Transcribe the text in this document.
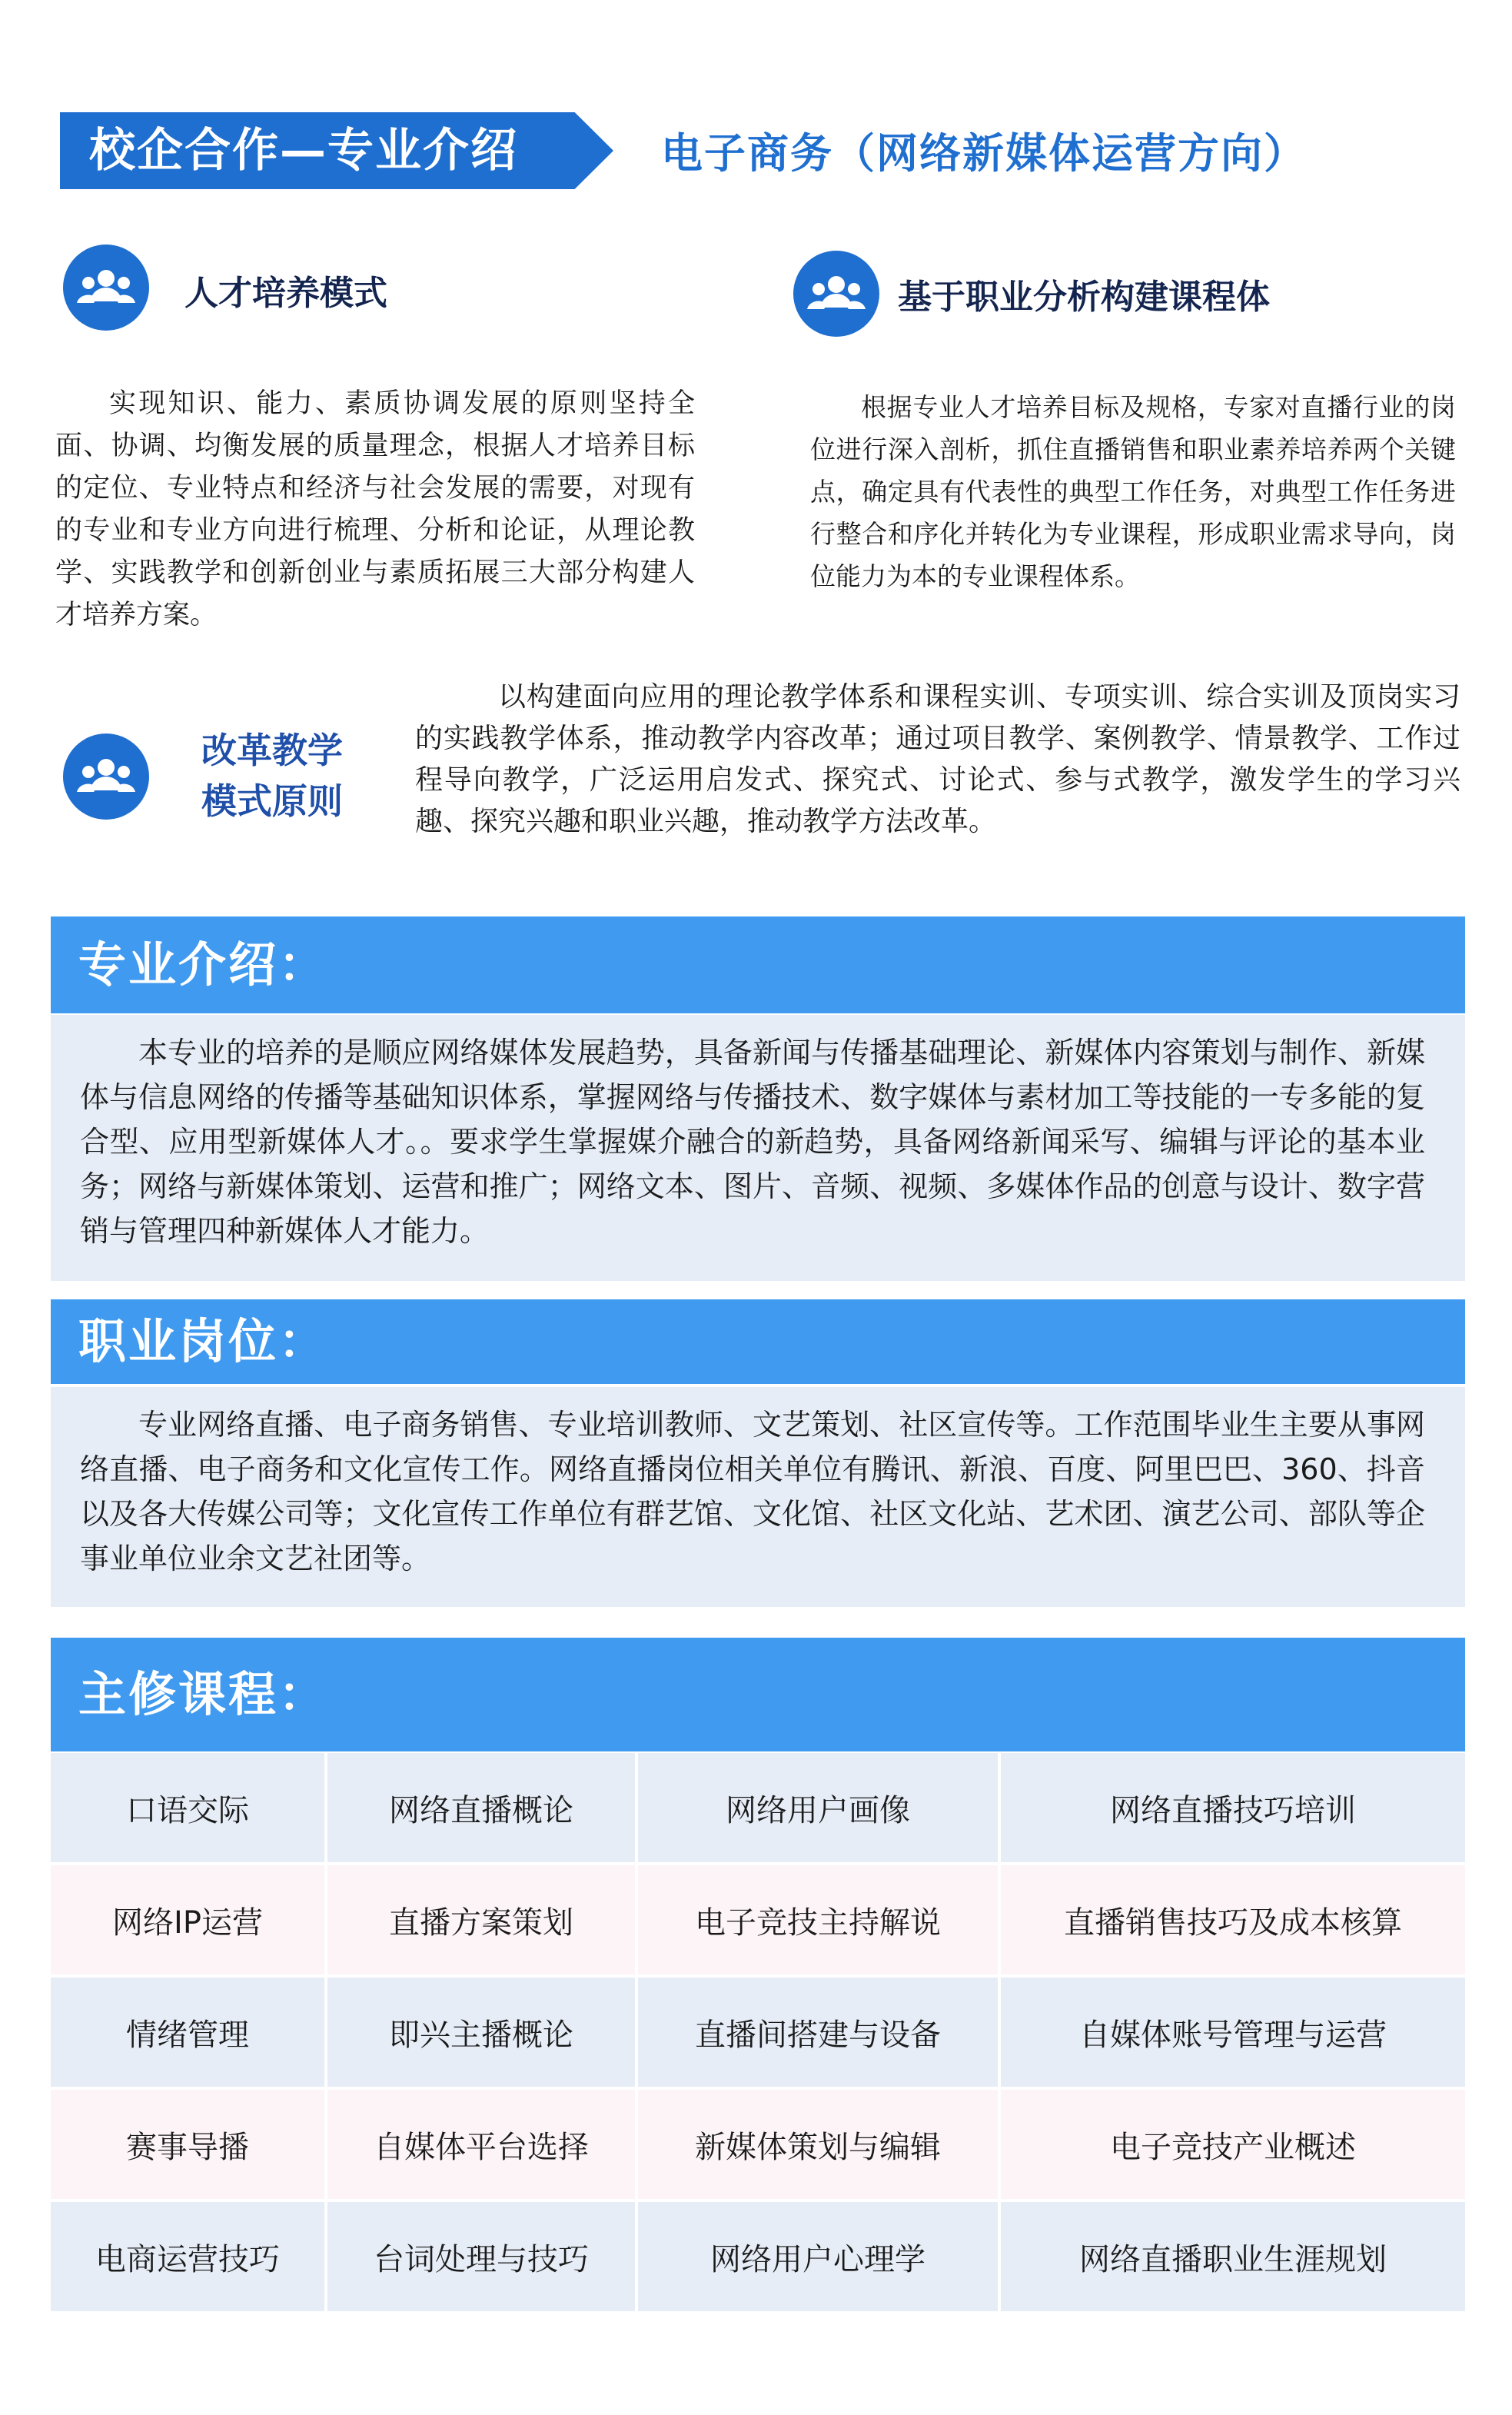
校企合作—专业介绍	电子商务（网络新媒体运营方向）
人才培养模式
实现知识、能力、素质协调发展的原则坚持全面、协调、均衡发展的质量理念，根据人才培养目标的定位、专业特点和经济与社会发展的需要，对现有的专业和专业方向进行梳理、分析和论证，从理论教学、实践教学和创新创业与素质拓展三大部分构建人才培养方案。
基于职业分析构建课程体
根据专业人才培养目标及规格，专家对直播行业的岗位进行深入剖析，抓住直播销售和职业素养培养两个关键点，确定具有代表性的典型工作任务，对典型工作任务进行整合和序化并转化为专业课程，形成职业需求导向，岗位能力为本的专业课程体系。
改革教学
模式原则
以构建面向应用的理论教学体系和课程实训、专项实训、综合实训及顶岗实习的实践教学体系，推动教学内容改革；通过项目教学、案例教学、情景教学、工作过程导向教学，广泛运用启发式、探究式、讨论式、参与式教学，激发学生的学习兴趣、探究兴趣和职业兴趣，推动教学方法改革。
专业介绍：
本专业的培养的是顺应网络媒体发展趋势，具备新闻与传播基础理论、新媒体内容策划与制作、新媒体与信息网络的传播等基础知识体系，掌握网络与传播技术、数字媒体与素材加工等技能的一专多能的复合型、应用型新媒体人才。。要求学生掌握媒介融合的新趋势，具备网络新闻采写、编辑与评论的基本业务；网络与新媒体策划、运营和推广；网络文本、图片、音频、视频、多媒体作品的创意与设计、数字营销与管理四种新媒体人才能力。
职业岗位：
专业网络直播、电子商务销售、专业培训教师、文艺策划、社区宣传等。工作范围毕业生主要从事网络直播、电子商务和文化宣传工作。网络直播岗位相关单位有腾讯、新浪、百度、阿里巴巴、360、抖音以及各大传媒公司等；文化宣传工作单位有群艺馆、文化馆、社区文化站、艺术团、演艺公司、部队等企事业单位业余文艺社团等。
主修课程：
口语交际	网络直播概论	网络用户画像	网络直播技巧培训
网络IP运营	直播方案策划	电子竞技主持解说	直播销售技巧及成本核算
情绪管理	即兴主播概论	直播间搭建与设备	自媒体账号管理与运营
赛事导播	自媒体平台选择	新媒体策划与编辑	电子竞技产业概述
电商运营技巧	台词处理与技巧	网络用户心理学	网络直播职业生涯规划
